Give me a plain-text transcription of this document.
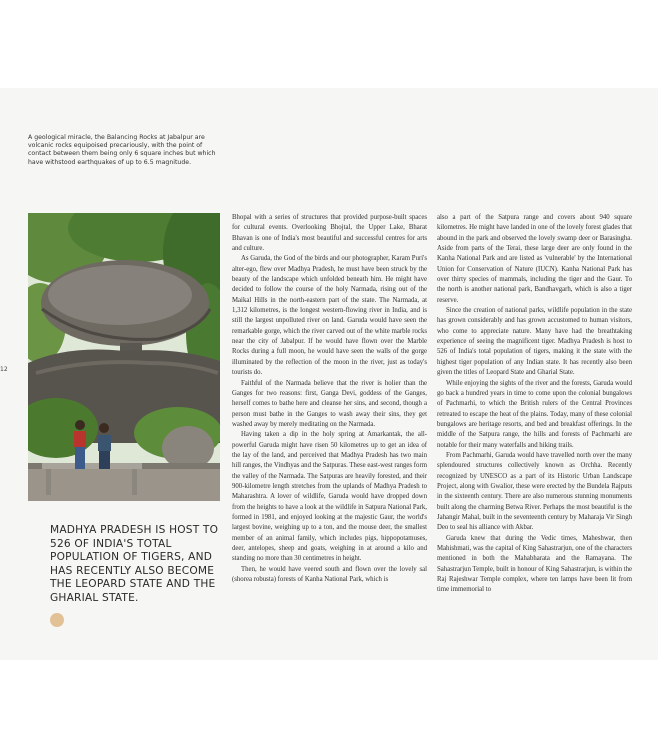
A geological miracle, the Balancing Rocks at Jabalpur are volcanic rocks equipoised precariously, with the point of contact between them being only 6 square inches but which have withstood earthquakes of up to 6.5 magnitude.
12
MADHYA PRADESH IS HOST TO 526 OF INDIA'S TOTAL POPULATION OF TIGERS, AND HAS RECENTLY ALSO BECOME THE LEOPARD STATE AND THE GHARIAL STATE.

Bhopal with a series of structures that provided purpose-built spaces for cultural events. Overlooking Bhojtal, the Upper Lake, Bharat Bhavan is one of India's most beautiful and successful centres for arts and culture.

As Garuda, the God of the birds and our photographer, Karam Puri's alter-ego, flew over Madhya Pradesh, he must have been struck by the beauty of the landscape which unfolded beneath him. He might have decided to follow the course of the holy Narmada, rising out of the Maikal Hills in the north-eastern part of the state. The Narmada, at 1,312 kilometres, is the longest western-flowing river in India, and is still the largest unpolluted river on land. Garuda would have seen the remarkable gorge, which the river carved out of the white marble rocks near the city of Jabalpur. If he would have flown over the Marble Rocks during a full moon, he would have seen the walls of the gorge illuminated by the reflection of the moon in the river, just as today's tourists do.

Faithful of the Narmada believe that the river is holier than the Ganges for two reasons: first, Ganga Devi, goddess of the Ganges, herself comes to bathe here and cleanse her sins, and second, though a person must bathe in the Ganges to wash away their sins, they get washed away by merely meditating on the Narmada.

Having taken a dip in the holy spring at Amarkantak, the all-powerful Garuda might have risen 50 kilometres up to get an idea of the lay of the land, and perceived that Madhya Pradesh has two main hill ranges, the Vindhyas and the Satpuras. These east-west ranges form the valley of the Narmada. The Satpuras are heavily forested, and their 900-kilometre length stretches from the uplands of Madhya Pradesh to Maharashtra. A lover of wildlife, Garuda would have dropped down from the heights to have a look at the wildlife in Satpura National Park, formed in 1981, and enjoyed looking at the majestic Gaur, the world's largest bovine, weighing up to a ton, and the mouse deer, the smallest member of an animal family, which includes pigs, hippopotamuses, deer, antelopes, sheep and goats, weighing in at around a kilo and standing no more than 30 centimetres in height.

Then, he would have veered south and flown over the lovely sal (shorea robusta) forests of Kanha National Park, which is

also a part of the Satpura range and covers about 940 square kilometres. He might have landed in one of the lovely forest glades that abound in the park and observed the lovely swamp deer or Barasingha. Aside from parts of the Terai, these large deer are only found in the Kanha National Park and are listed as 'vulnerable' by the International Union for Conservation of Nature (IUCN). Kanha National Park has over thirty species of mammals, including the tiger and the Gaur. To the north is another national park, Bandhavgarh, which is also a tiger reserve.

Since the creation of national parks, wildlife population in the state has grown considerably and has grown accustomed to human visitors, who come to appreciate nature. Many have had the breathtaking experience of seeing the magnificent tiger. Madhya Pradesh is host to 526 of India's total population of tigers, making it the state with the highest tiger population of any Indian state. It has recently also been given the titles of Leopard State and Gharial State.

While enjoying the sights of the river and the forests, Garuda would go back a hundred years in time to come upon the colonial bungalows of Pachmarhi, to which the British rulers of the Central Provinces retreated to escape the heat of the plains. Today, many of these colonial bungalows are heritage resorts, and bed and breakfast offerings. In the middle of the Satpura range, the hills and forests of Pachmarhi are notable for their many waterfalls and hiking trails.

From Pachmarhi, Garuda would have travelled north over the many splendoured structures collectively known as Orchha. Recently recognized by UNESCO as a part of its Historic Urban Landscape Project, along with Gwalior, these were erected by the Bundela Rajputs in the sixteenth century. There are also numerous stunning monuments built along the charming Betwa River. Perhaps the most beautiful is the Jahangir Mahal, built in the seventeenth century by Maharaja Vir Singh Deo to seal his alliance with Akbar.

Garuda knew that during the Vedic times, Maheshwar, then Mahishmati, was the capital of King Sahastrarjun, one of the characters mentioned in both the Mahabharata and the Ramayana. The Sahastrarjun Temple, built in honour of King Sahastrarjun, is within the Raj Rajeshwar Temple complex, where ten lamps have been lit from time immemorial to
